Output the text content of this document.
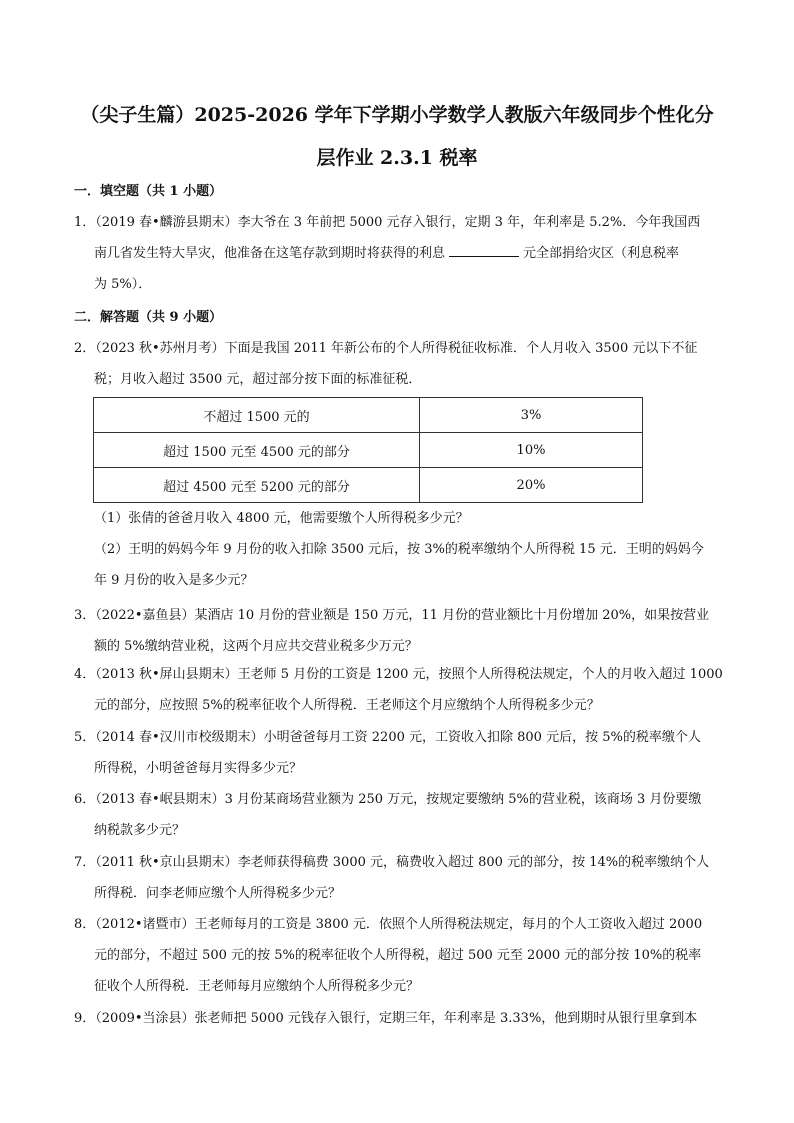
（尖子生篇）2025-2026 学年下学期小学数学人教版六年级同步个性化分
层作业 2.3.1 税率
一．填空题（共 1 小题）
1．（2019 春•麟游县期末）李大爷在 3 年前把 5000 元存入银行，定期 3 年，年利率是 5.2%．今年我国西
南几省发生特大旱灾，他准备在这笔存款到期时将获得的利息	元全部捐给灾区（利息税率
为 5%）．
二．解答题（共 9 小题）
2．（2023 秋•苏州月考）下面是我国 2011 年新公布的个人所得税征收标准．个人月收入 3500 元以下不征
税；月收入超过 3500 元，超过部分按下面的标准征税．
不超过 1500 元的	3%
超过 1500 元至 4500 元的部分	10%
超过 4500 元至 5200 元的部分	20%
（1）张倩的爸爸月收入 4800 元，他需要缴个人所得税多少元？
（2）王明的妈妈今年 9 月份的收入扣除 3500 元后，按 3%的税率缴纳个人所得税 15 元．王明的妈妈今
年 9 月份的收入是多少元？
3．（2022•嘉鱼县）某酒店 10 月份的营业额是 150 万元，11 月份的营业额比十月份增加 20%，如果按营业
额的 5%缴纳营业税，这两个月应共交营业税多少万元？
4．（2013 秋•屏山县期末）王老师 5 月份的工资是 1200 元，按照个人所得税法规定，个人的月收入超过 1000
元的部分，应按照 5%的税率征收个人所得税．王老师这个月应缴纳个人所得税多少元？
5．（2014 春•汉川市校级期末）小明爸爸每月工资 2200 元，工资收入扣除 800 元后，按 5%的税率缴个人
所得税，小明爸爸每月实得多少元？
6．（2013 春•岷县期末）3 月份某商场营业额为 250 万元，按规定要缴纳 5%的营业税，该商场 3 月份要缴
纳税款多少元？
7．（2011 秋•京山县期末）李老师获得稿费 3000 元，稿费收入超过 800 元的部分，按 14%的税率缴纳个人
所得税．问李老师应缴个人所得税多少元？
8．（2012•诸暨市）王老师每月的工资是 3800 元．依照个人所得税法规定，每月的个人工资收入超过 2000
元的部分，不超过 500 元的按 5%的税率征收个人所得税，超过 500 元至 2000 元的部分按 10%的税率
征收个人所得税．王老师每月应缴纳个人所得税多少元？
9．（2009•当涂县）张老师把 5000 元钱存入银行，定期三年，年利率是 3.33%，他到期时从银行里拿到本
